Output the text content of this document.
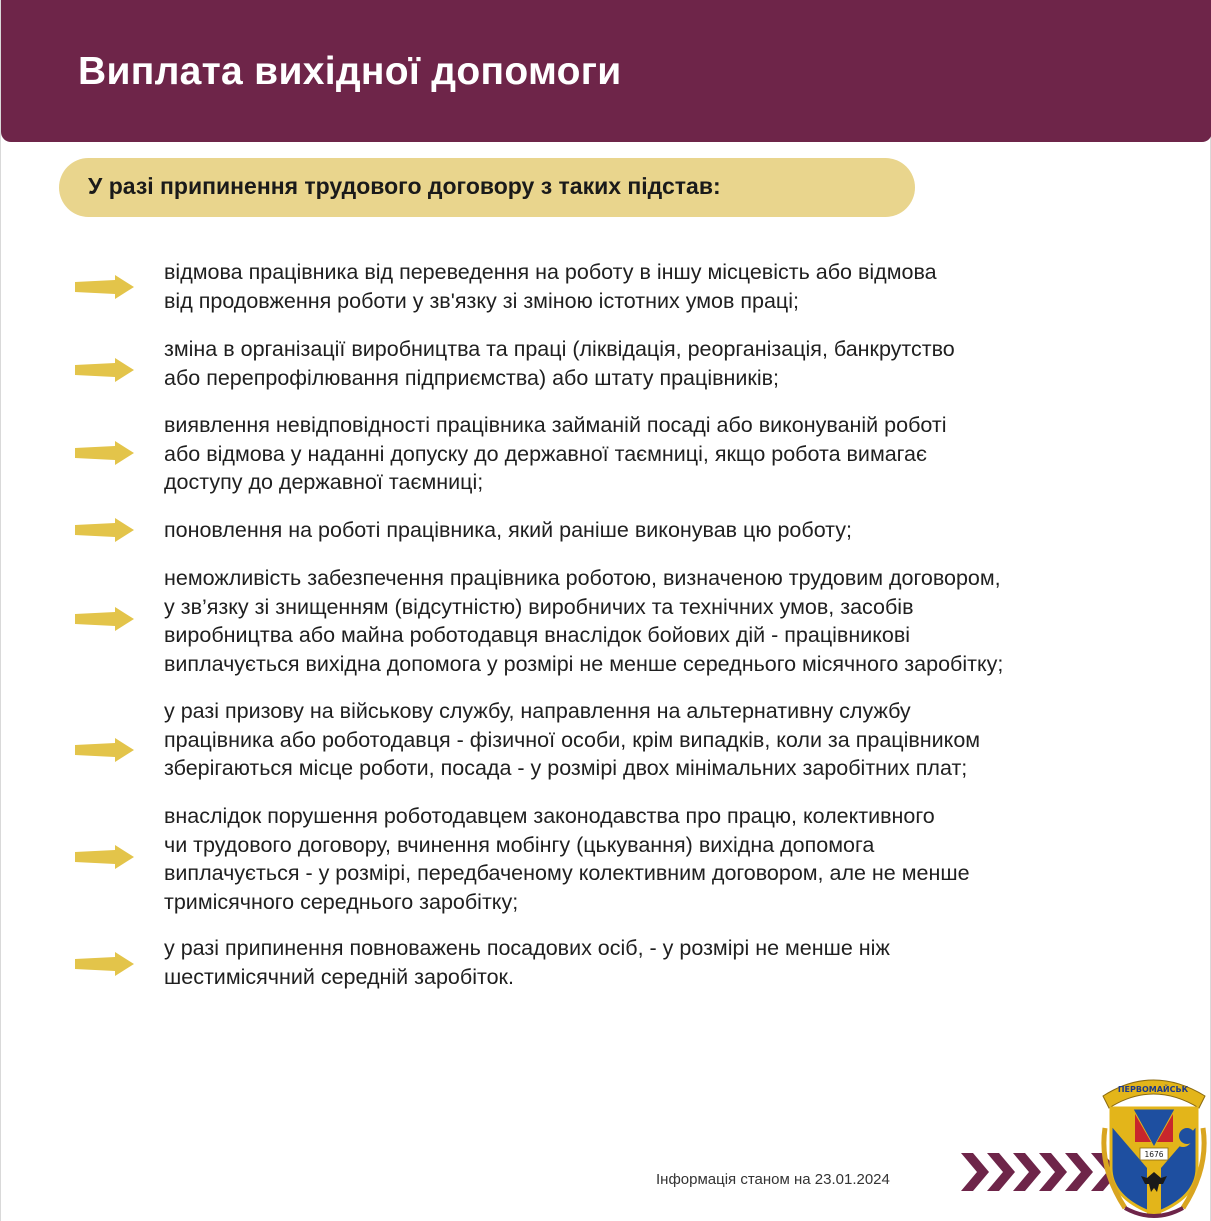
Виплата вихідної допомоги
У разі припинення трудового договору з таких підстав:
відмова працівника від переведення на роботу в іншу місцевість або відмова
від продовження роботи у зв'язку зі зміною істотних умов праці;
зміна в організації виробництва та праці (ліквідація, реорганізація, банкрутство
або перепрофілювання підприємства) або штату працівників;
виявлення невідповідності працівника займаній посаді або виконуваній роботі
або відмова у наданні допуску до державної таємниці, якщо робота вимагає
доступу до державної таємниці;
поновлення на роботі працівника, який раніше виконував цю роботу;
неможливість забезпечення працівника роботою, визначеною трудовим договором,
у зв’язку зі знищенням (відсутністю) виробничих та технічних умов, засобів
виробництва або майна роботодавця внаслідок бойових дій - працівникові
виплачується вихідна допомога у розмірі не менше середнього місячного заробітку;
у разі призову на військову службу, направлення на альтернативну службу
працівника або роботодавця - фізичної особи, крім випадків, коли за працівником
зберігаються місце роботи, посада - у розмірі двох мінімальних заробітних плат;
внаслідок порушення роботодавцем законодавства про працю, колективного
чи трудового договору, вчинення мобінгу (цькування) вихідна допомога
виплачується - у розмірі, передбаченому колективним договором, але не менше
тримісячного середнього заробітку;
у разі припинення повноважень посадових осіб, - у розмірі не менше ніж
шестимісячний середній заробіток.
Інформація станом на 23.01.2024
ПЕРВОМАЙСЬК
1676
